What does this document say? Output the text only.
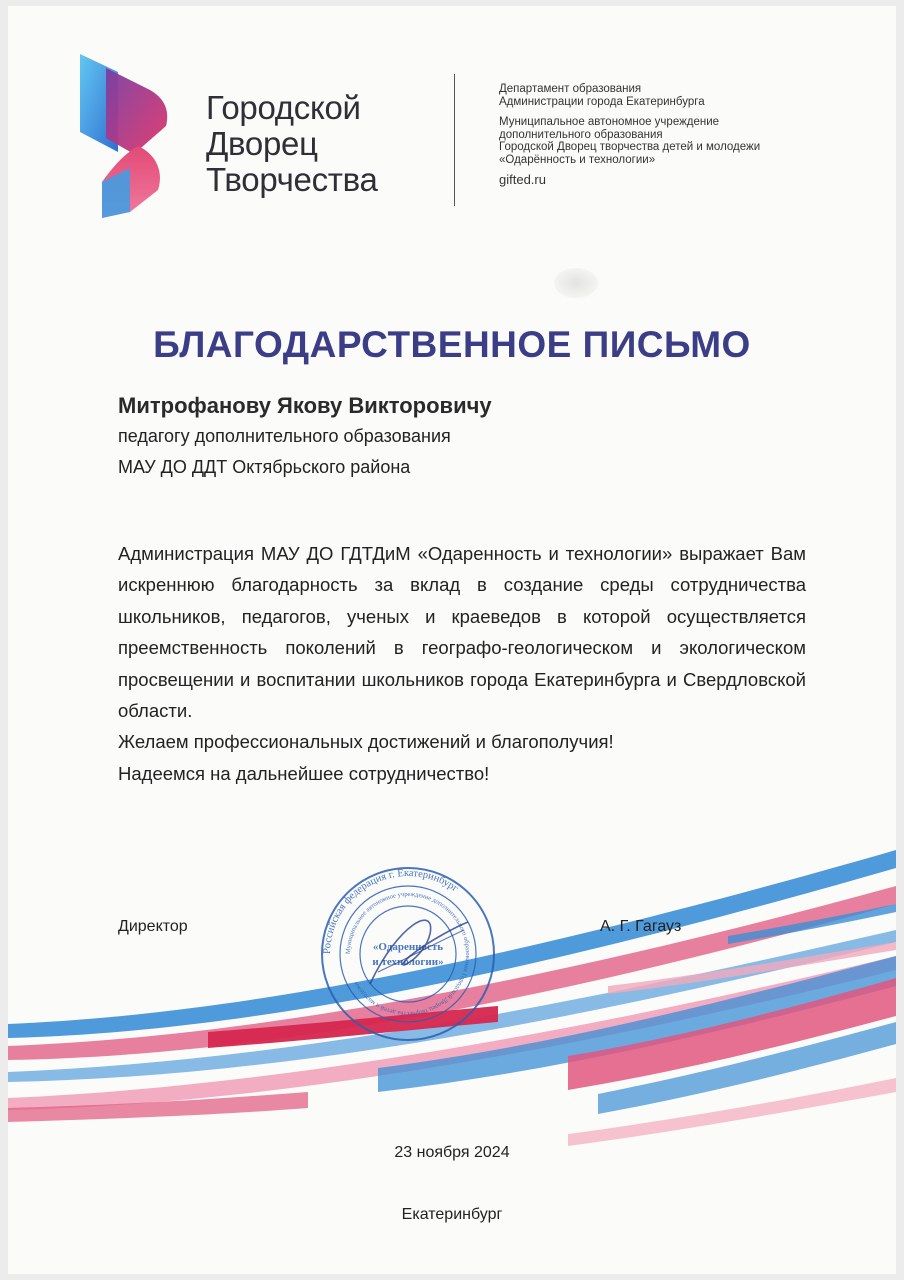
Городской
Дворец
Творчества
Департамент образования
Администрации города Екатеринбурга
Муниципальное автономное учреждение
дополнительного образования
Городской Дворец творчества детей и молодежи
«Одарённость и технологии»
gifted.ru
БЛАГОДАРСТВЕННОЕ ПИСЬМО
Митрофанову Якову Викторовичу
педагогу дополнительного образования
МАУ ДО ДДТ Октябрьского района

Администрация МАУ ДО ГДТДиМ «Одаренность и технологии» выражает Вам искреннюю благодарность за вклад в создание среды сотрудничества школьников, педагогов, ученых и краеведов в которой осуществляется преемственность поколений в географо-геологическом и экологическом просвещении и воспитании школьников города Екатеринбурга и Свердловской области.

Желаем профессиональных достижений и благополучия!

Надеемся на дальнейшее сотрудничество!

Директор	А. Г. Гагауз
Российская федерация г. Екатеринбург
Муниципальное автономное учреждение дополнительного образования Городской Дворец творчества детей и молодежи
«Одаренность
и технологии»
23 ноября 2024
Екатеринбург
